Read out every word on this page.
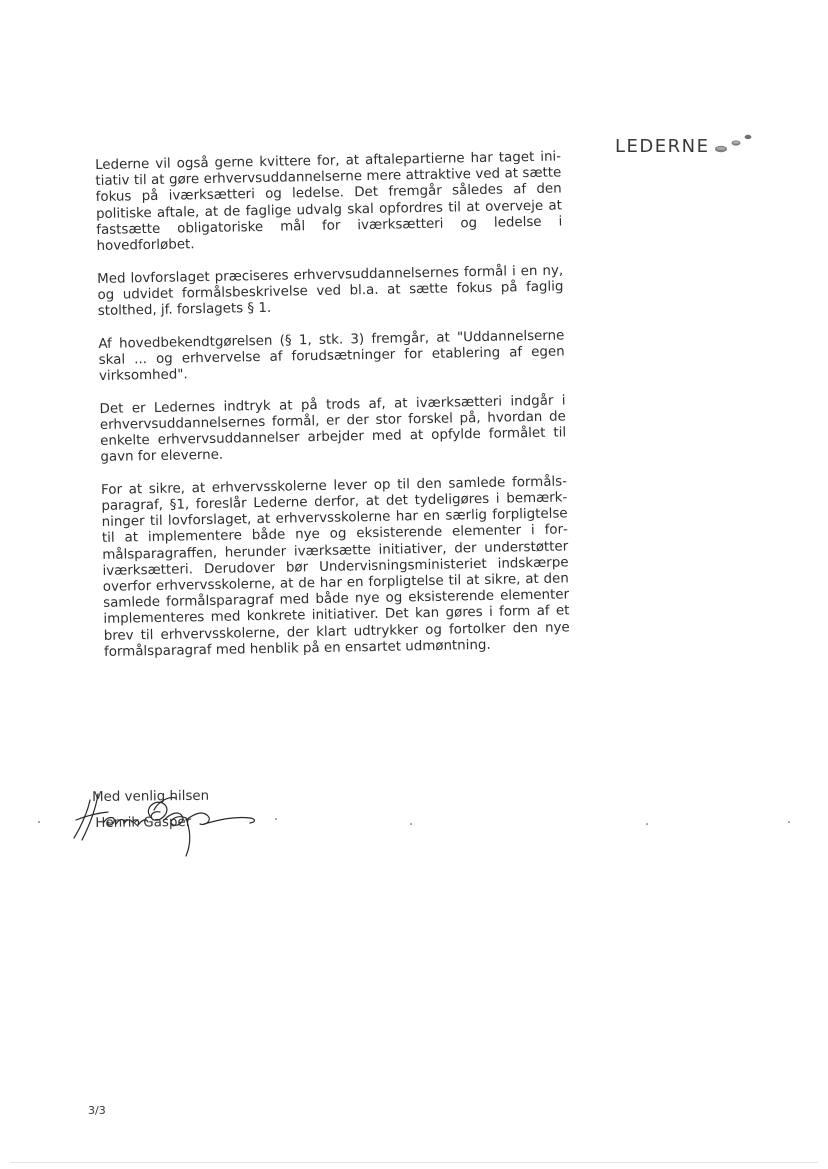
LEDERNE

Lederne vil også gerne kvittere for, at aftalepartierne har taget initiativ til at gøre erhvervsuddannelserne mere attraktive ved at sætte fokus på iværksætteri og ledelse. Det fremgår således af den politiske aftale, at de faglige udvalg skal opfordres til at overveje at fastsætte obligatoriske mål for iværksætteri og ledelse i hovedforløbet.

Med lovforslaget præciseres erhvervsuddannelsernes formål i en ny, og udvidet formålsbeskrivelse ved bl.a. at sætte fokus på faglig stolthed, jf. forslagets § 1.

Af hovedbekendtgørelsen (§ 1, stk. 3) fremgår, at "Uddannelserne skal ... og erhvervelse af forudsætninger for etablering af egen virksomhed".

Det er Ledernes indtryk at på trods af, at iværksætteri indgår i erhvervsuddannelsernes formål, er der stor forskel på, hvordan de enkelte erhvervsuddannelser arbejder med at opfylde formålet til gavn for eleverne.

For at sikre, at erhvervsskolerne lever op til den samlede formålsparagraf, §1, foreslår Lederne derfor, at det tydeligøres i bemærkninger til lovforslaget, at erhvervsskolerne har en særlig forpligtelse til at implementere både nye og eksisterende elementer i formålsparagraffen, herunder iværksætte initiativer, der understøtter iværksætteri. Derudover bør Undervisningsministeriet indskærpe overfor erhvervsskolerne, at de har en forpligtelse til at sikre, at den samlede formålsparagraf med både nye og eksisterende elementer implementeres med konkrete initiativer. Det kan gøres i form af et brev til erhvervsskolerne, der klart udtrykker og fortolker den nye formålsparagraf med henblik på en ensartet udmøntning.

Med venlig hilsen
Henrik Gasper
3/3
